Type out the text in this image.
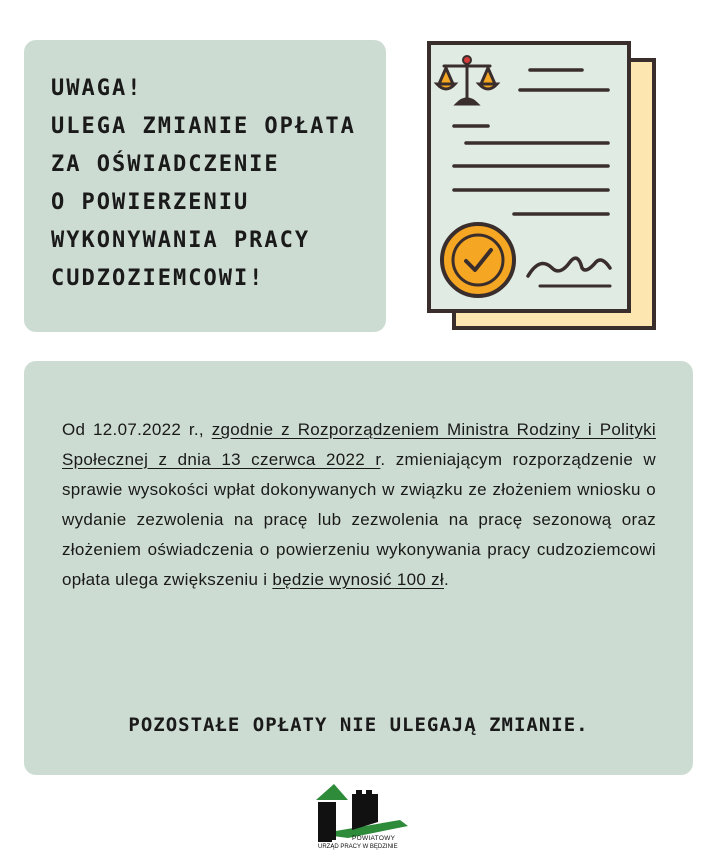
UWAGA!
ULEGA ZMIANIE OPŁATA
ZA OŚWIADCZENIE
O POWIERZENIU
WYKONYWANIA PRACY
CUDZOZIEMCOWI!

Od 12.07.2022 r., zgodnie z Rozporządzeniem Ministra Rodziny i Polityki Społecznej z dnia 13 czerwca 2022 r. zmieniającym rozporządzenie w sprawie wysokości wpłat dokonywanych w związku ze złożeniem wniosku o wydanie zezwolenia na pracę lub zezwolenia na pracę sezonową oraz złożeniem oświadczenia o powierzeniu wykonywania pracy cudzoziemcowi opłata ulega zwiększeniu i będzie wynosić 100 zł.

POZOSTAŁE OPŁATY NIE ULEGAJĄ ZMIANIE.

POWIATOWY
URZĄD PRACY W BĘDZINIE
